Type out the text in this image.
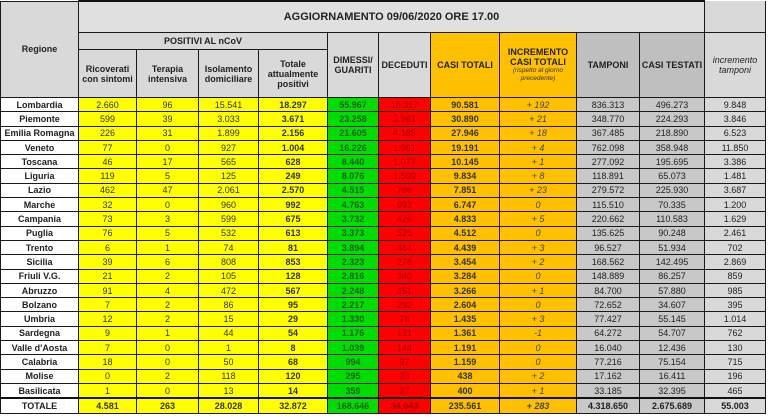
Regione	AGGIORNAMENTO 09/06/2020 ORE 17.00										
	POSITIVI AL nCoV				DIMESSI/ GUARITI	DECEDUTI	CASI TOTALI	INCREMENTO CASI TOTALI
(rispetto al giorno precedente)	TAMPONI	CASI TESTATI	incremento tamponi
	Ricoverati con sintomi	Terapia intensiva	Isolamento domiciliare	Totale attualmente positivi							
Lombardia	2.660	96	15.541	18.297	55.967	16.317	90.581	+ 192	836.313	496.273	9.848
Piemonte	599	39	3.033	3.671	23.258	3.961	30.890	+ 21	348.770	224.293	3.846
Emilia Romagna	226	31	1.899	2.156	21.605	4.185	27.946	+ 18	367.485	218.890	6.523
Veneto	77	0	927	1.004	16.226	1.961	19.191	+ 4	762.098	358.948	11.850
Toscana	46	17	565	628	8.440	1.077	10.145	+ 1	277.092	195.695	3.386
Liguria	119	5	125	249	8.076	1.509	9.834	+ 8	118.891	65.073	1.481
Lazio	462	47	2.061	2.570	4.515	766	7.851	+ 23	279.572	225.930	3.687
Marche	32	0	960	992	4.763	992	6.747	0	115.510	70.335	1.200
Campania	73	3	599	675	3.732	426	4.833	+ 5	220.662	110.583	1.629
Puglia	76	5	532	613	3.373	526	4.512	0	135.625	90.248	2.461
Trento	6	1	74	81	3.894	464	4.439	+ 3	96.527	51.934	702
Sicilia	39	6	808	853	2.323	278	3.454	+ 2	168.562	142.495	2.869
Friuli V.G.	21	2	105	128	2.816	340	3.284	0	148.889	86.257	859
Abruzzo	91	4	472	567	2.248	451	3.266	+ 1	84.700	57.880	985
Bolzano	7	2	86	95	2.217	292	2.604	0	72.652	34.607	395
Umbria	12	2	15	29	1.330	76	1.435	+ 3	77.427	55.145	1.014
Sardegna	9	1	44	54	1.176	131	1.361	-1	64.272	54.707	762
Valle d'Aosta	7	0	1	8	1.039	144	1.191	0	16.040	12.436	130
Calabria	18	0	50	68	994	97	1.159	0	77.216	75.154	715
Molise	0	2	118	120	295	23	438	+ 2	17.162	16.411	196
Basilicata	1	0	13	14	359	27	400	+ 1	33.185	32.395	465
TOTALE	4.581	263	28.028	32.872	168.646	34.043	235.561	+ 283	4.318.650	2.675.689	55.003
